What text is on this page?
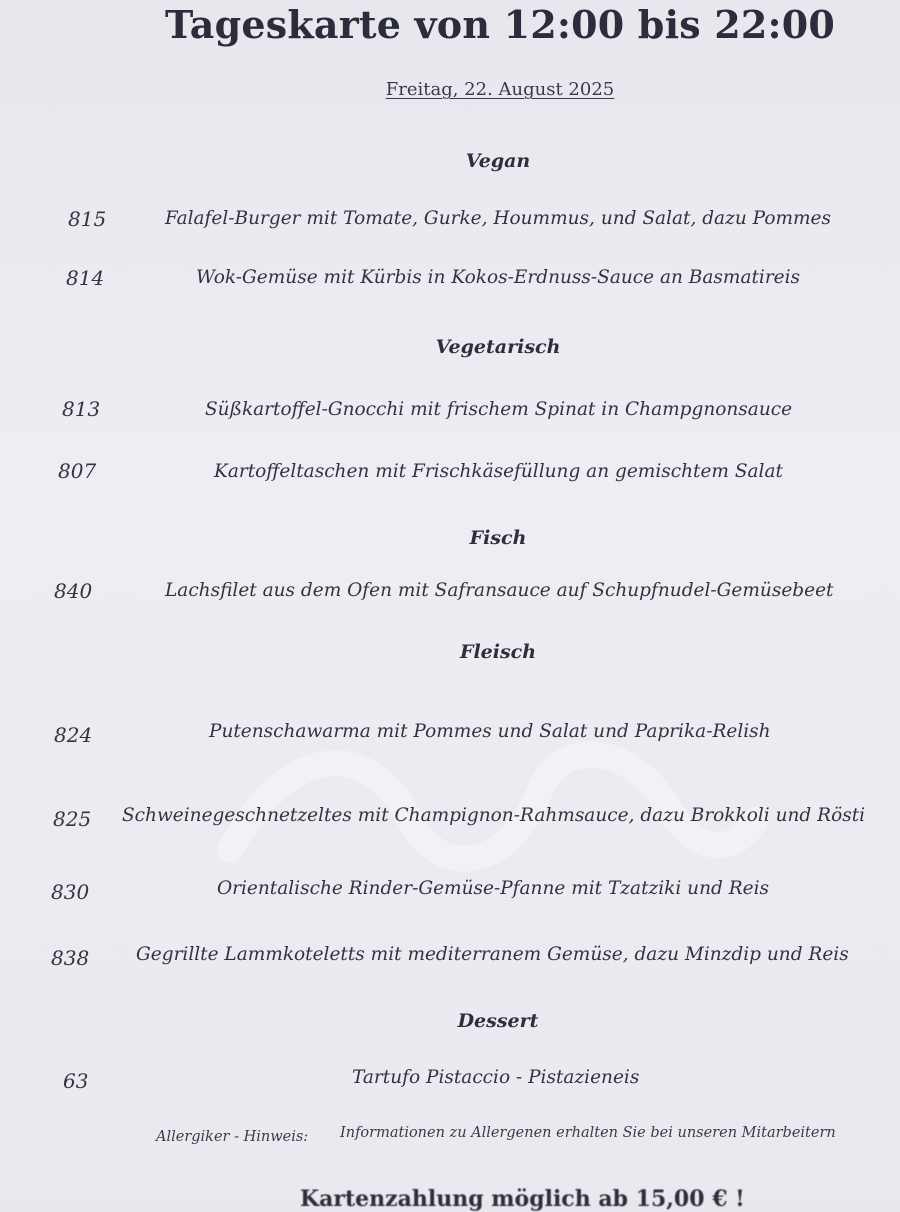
Tageskarte von 12:00 bis 22:00
Freitag, 22. August 2025
Vegan
815	Falafel-Burger mit Tomate, Gurke, Hoummus, und Salat, dazu Pommes
814	Wok-Gemüse mit Kürbis in Kokos-Erdnuss-Sauce an Basmatireis
Vegetarisch
813	Süßkartoffel-Gnocchi mit frischem Spinat in Champgnonsauce
807	Kartoffeltaschen mit Frischkäsefüllung an gemischtem Salat
Fisch
840	Lachsfilet aus dem Ofen mit Safransauce auf Schupfnudel-Gemüsebeet
Fleisch
824	Putenschawarma mit Pommes und Salat und Paprika-Relish
825 Schweinegeschnetzeltes mit Champignon-Rahmsauce, dazu Brokkoli und Rösti
830	Orientalische Rinder-Gemüse-Pfanne mit Tzatziki und Reis
838	Gegrillte Lammkoteletts mit mediterranem Gemüse, dazu Minzdip und Reis
Dessert
63	Tartufo Pistaccio - Pistazieneis
Allergiker - Hinweis: Informationen zu Allergenen erhalten Sie bei unseren Mitarbeitern
Kartenzahlung möglich ab 15,00 € !
